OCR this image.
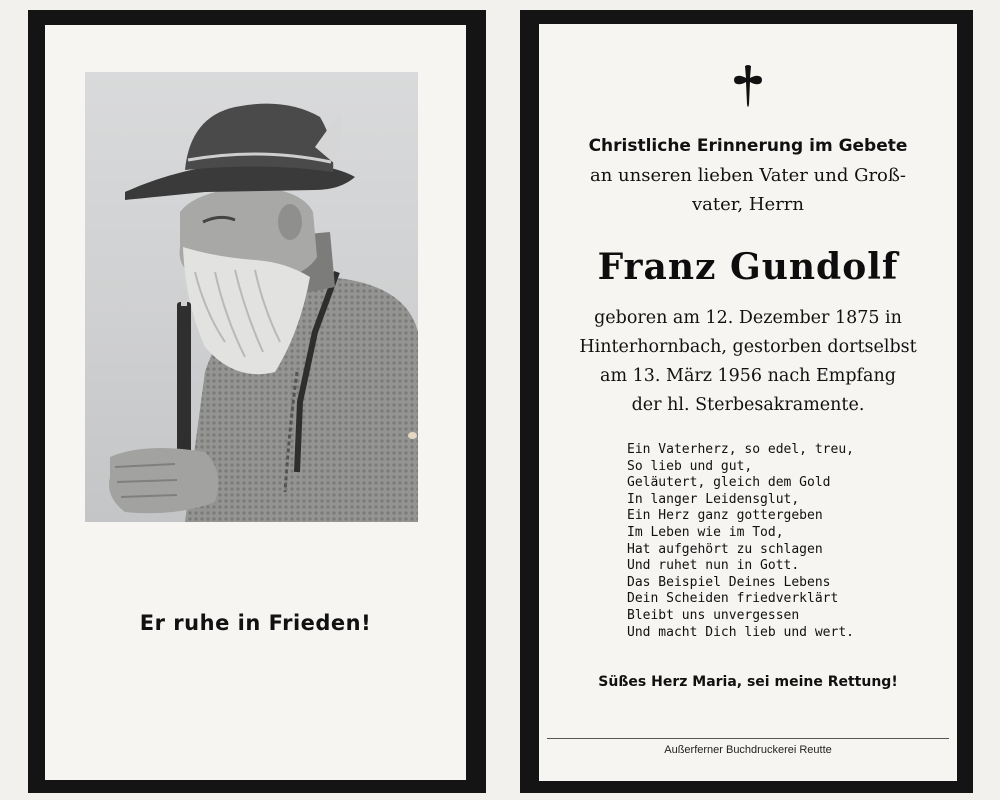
Er ruhe in Frieden!
Christliche Erinnerung im Gebete
an unseren lieben Vater und Groß-
vater, Herrn
Franz Gundolf
geboren am 12. Dezember 1875 in
Hinterhornbach, gestorben dortselbst
am 13. März 1956 nach Empfang
der hl. Sterbesakramente.
Ein Vaterherz, so edel, treu,
So lieb und gut,
Geläutert, gleich dem Gold
In langer Leidensglut,
Ein Herz ganz gottergeben
Im Leben wie im Tod,
Hat aufgehört zu schlagen
Und ruhet nun in Gott.
Das Beispiel Deines Lebens
Dein Scheiden friedverklärt
Bleibt uns unvergessen
Und macht Dich lieb und wert.
Süßes Herz Maria, sei meine Rettung!
Außerferner Buchdruckerei Reutte
